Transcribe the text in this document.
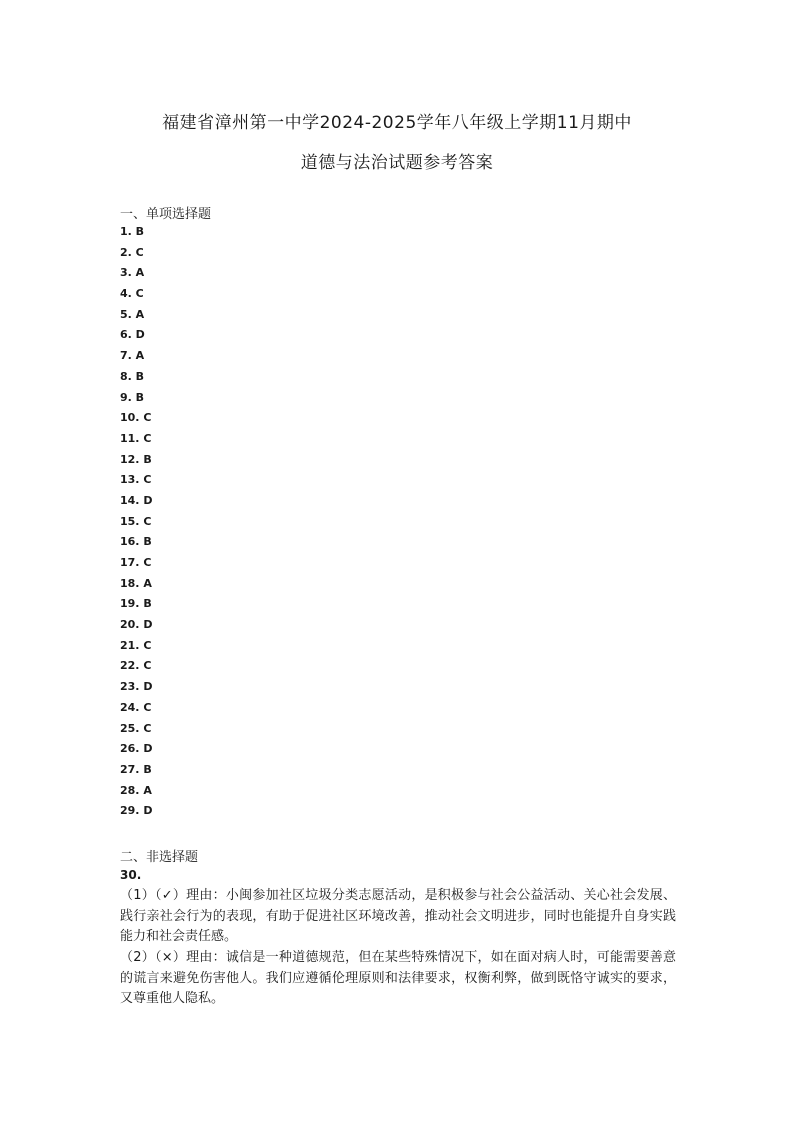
福建省漳州第一中学2024-2025学年八年级上学期11月期中
道德与法治试题参考答案
一、单项选择题
1. B
2. C
3. A
4. C
5. A
6. D
7. A
8. B
9. B
10. C
11. C
12. B
13. C
14. D
15. C
16. B
17. C
18. A
19. B
20. D
21. C
22. C
23. D
24. C
25. C
26. D
27. B
28. A
29. D
二、非选择题
30.
（1）（✓）理由：小闽参加社区垃圾分类志愿活动，是积极参与社会公益活动、关心社会发展、践行亲社会行为的表现，有助于促进社区环境改善，推动社会文明进步，同时也能提升自身实践能力和社会责任感。
（2）（×）理由：诚信是一种道德规范，但在某些特殊情况下，如在面对病人时，可能需要善意的谎言来避免伤害他人。我们应遵循伦理原则和法律要求，权衡利弊，做到既恪守诚实的要求，又尊重他人隐私。
